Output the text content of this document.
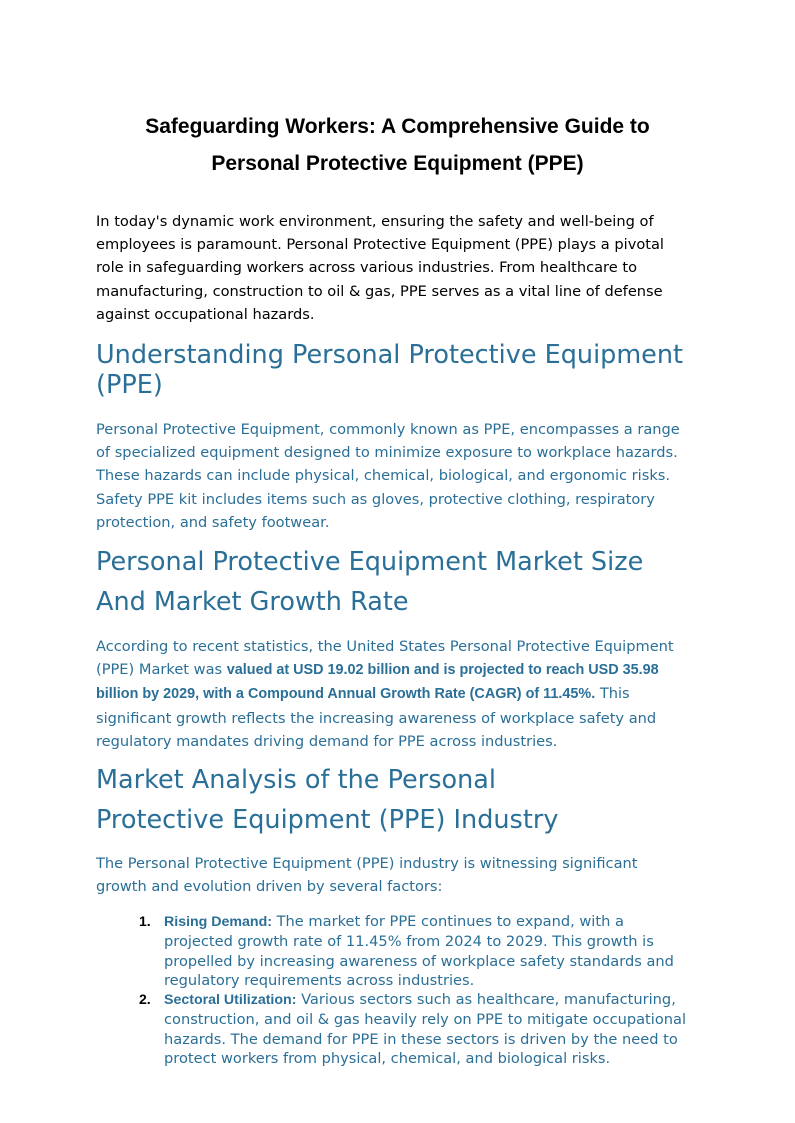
Safeguarding Workers: A Comprehensive Guide to
Personal Protective Equipment (PPE)

In today's dynamic work environment, ensuring the safety and well-being of
employees is paramount. Personal Protective Equipment (PPE) plays a pivotal
role in safeguarding workers across various industries. From healthcare to
manufacturing, construction to oil & gas, PPE serves as a vital line of defense
against occupational hazards.

Understanding Personal Protective Equipment
(PPE)

Personal Protective Equipment, commonly known as PPE, encompasses a range
of specialized equipment designed to minimize exposure to workplace hazards.
These hazards can include physical, chemical, biological, and ergonomic risks.
Safety PPE kit includes items such as gloves, protective clothing, respiratory
protection, and safety footwear.

Personal Protective Equipment Market Size
And Market Growth Rate

According to recent statistics, the United States Personal Protective Equipment
(PPE) Market was valued at USD 19.02 billion and is projected to reach USD 35.98
billion by 2029, with a Compound Annual Growth Rate (CAGR) of 11.45%. This
significant growth reflects the increasing awareness of workplace safety and
regulatory mandates driving demand for PPE across industries.

Market Analysis of the Personal
Protective Equipment (PPE) Industry

The Personal Protective Equipment (PPE) industry is witnessing significant
growth and evolution driven by several factors:

1. Rising Demand: The market for PPE continues to expand, with a
projected growth rate of 11.45% from 2024 to 2029. This growth is
propelled by increasing awareness of workplace safety standards and
regulatory requirements across industries.
2. Sectoral Utilization: Various sectors such as healthcare, manufacturing,
construction, and oil & gas heavily rely on PPE to mitigate occupational
hazards. The demand for PPE in these sectors is driven by the need to
protect workers from physical, chemical, and biological risks.
